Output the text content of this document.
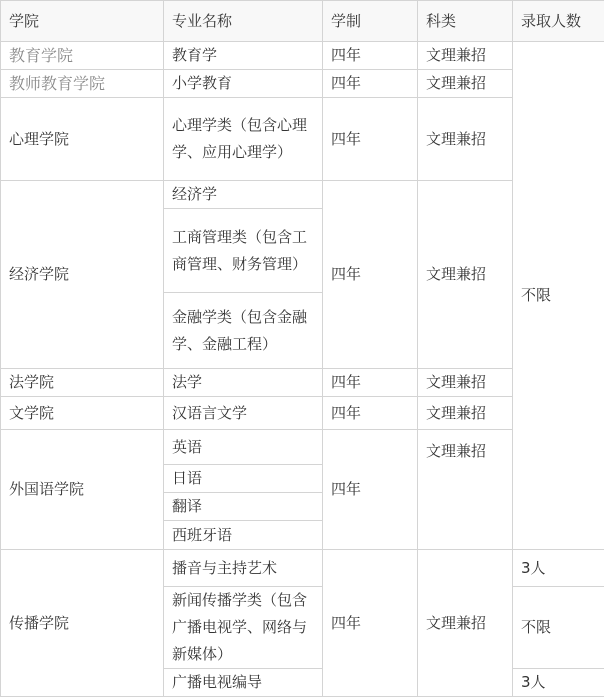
学院	专业名称	学制	科类	录取人数
教育学院	教育学	四年	文理兼招	不限
教师教育学院	小学教育	四年	文理兼招	
心理学院	心理学类（包含心理学、应用心理学）	四年	文理兼招	
经济学院	经济学	四年	文理兼招	
	工商管理类（包含工商管理、财务管理）			
	金融学类（包含金融学、金融工程）			
法学院	法学	四年	文理兼招	
文学院	汉语言文学	四年	文理兼招	
外国语学院	英语	四年	文理兼招	
	日语			
	翻译			
	西班牙语			
传播学院	播音与主持艺术	四年	文理兼招	3人
	新闻传播学类（包含广播电视学、网络与新媒体）			不限
	广播电视编导			3人
